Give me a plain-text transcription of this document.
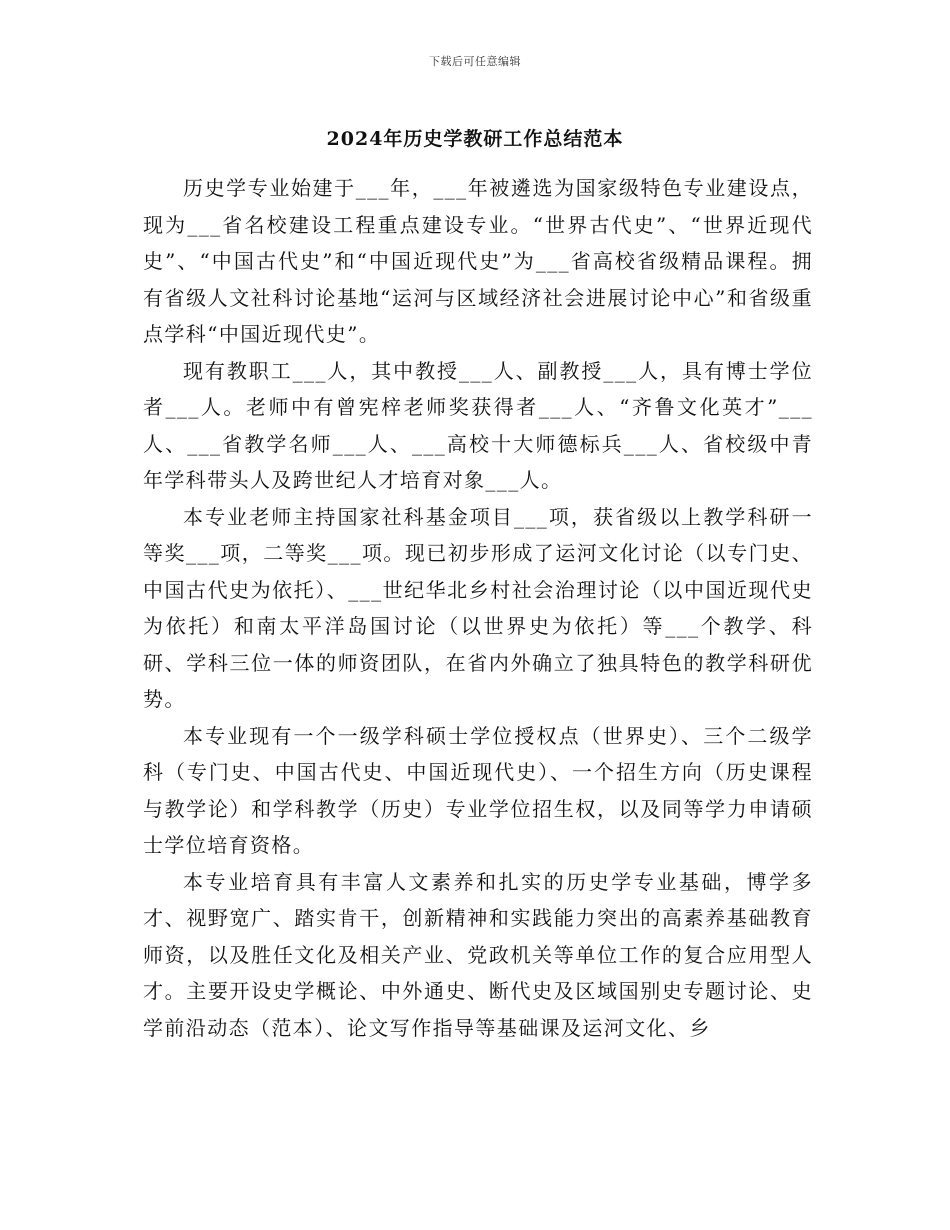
下载后可任意编辑
2024年历史学教研工作总结范本

历史学专业始建于___年，___年被遴选为国家级特色专业建设点，现为___省名校建设工程重点建设专业。“世界古代史”、“世界近现代史”、“中国古代史”和“中国近现代史”为___省高校省级精品课程。拥有省级人文社科讨论基地“运河与区域经济社会进展讨论中心”和省级重点学科“中国近现代史”。

现有教职工___人，其中教授___人、副教授___人，具有博士学位者___人。老师中有曾宪梓老师奖获得者___人、“齐鲁文化英才”___人、___省教学名师___人、___高校十大师德标兵___人、省校级中青年学科带头人及跨世纪人才培育对象___人。

本专业老师主持国家社科基金项目___项，获省级以上教学科研一等奖___项，二等奖___项。现已初步形成了运河文化讨论（以专门史、中国古代史为依托）、___世纪华北乡村社会治理讨论（以中国近现代史为依托）和南太平洋岛国讨论（以世界史为依托）等___个教学、科研、学科三位一体的师资团队，在省内外确立了独具特色的教学科研优势。

本专业现有一个一级学科硕士学位授权点（世界史）、三个二级学科（专门史、中国古代史、中国近现代史）、一个招生方向（历史课程与教学论）和学科教学（历史）专业学位招生权，以及同等学力申请硕士学位培育资格。

本专业培育具有丰富人文素养和扎实的历史学专业基础，博学多才、视野宽广、踏实肯干，创新精神和实践能力突出的高素养基础教育师资，以及胜任文化及相关产业、党政机关等单位工作的复合应用型人才。主要开设史学概论、中外通史、断代史及区域国别史专题讨论、史学前沿动态（范本）、论文写作指导等基础课及运河文化、乡
